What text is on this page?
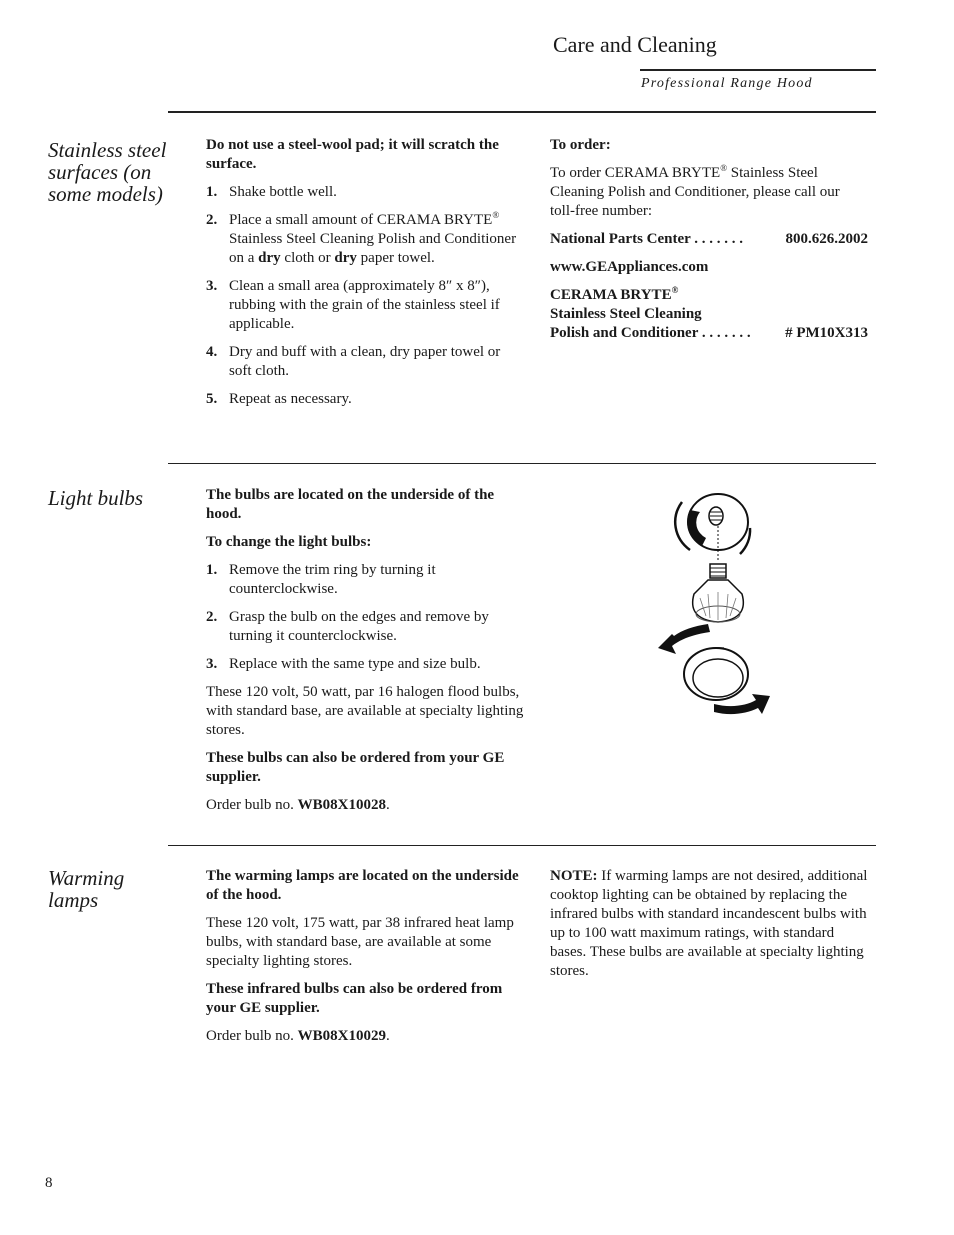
Care and Cleaning
Professional Range Hood
Stainless steel surfaces (on some models)

Do not use a steel-wool pad; it will scratch the surface.

1. Shake bottle well.
2. Place a small amount of CERAMA BRYTE® Stainless Steel Cleaning Polish and Conditioner on a dry cloth or dry paper towel.
3. Clean a small area (approximately 8″ x 8″), rubbing with the grain of the stainless steel if applicable.
4. Dry and buff with a clean, dry paper towel or soft cloth.
5. Repeat as necessary.

To order:

To order CERAMA BRYTE® Stainless Steel Cleaning Polish and Conditioner, please call our toll-free number:

National Parts Center . . . . . . .	800.626.2002

www.GEAppliances.com

CERAMA BRYTE®
Stainless Steel Cleaning
Polish and Conditioner . . . . . . . # PM10X313
Light bulbs	The bulbs are located on the underside of the hood.

To change the light bulbs:

1. Remove the trim ring by turning it counterclockwise.
2. Grasp the bulb on the edges and remove by turning it counterclockwise.
3. Replace with the same type and size bulb.

These 120 volt, 50 watt, par 16 halogen flood bulbs, with standard base, are available at specialty lighting stores.

These bulbs can also be ordered from your GE supplier.

Order bulb no. WB08X10028.

Warming
lamps

The warming lamps are located on the underside of the hood.

These 120 volt, 175 watt, par 38 infrared heat lamp bulbs, with standard base, are available at some specialty lighting stores.

These infrared bulbs can also be ordered from your GE supplier.

Order bulb no. WB08X10029.

NOTE: If warming lamps are not desired, additional cooktop lighting can be obtained by replacing the infrared bulbs with standard incandescent bulbs with up to 100 watt maximum ratings, with standard bases. These bulbs are available at specialty lighting stores.

8
